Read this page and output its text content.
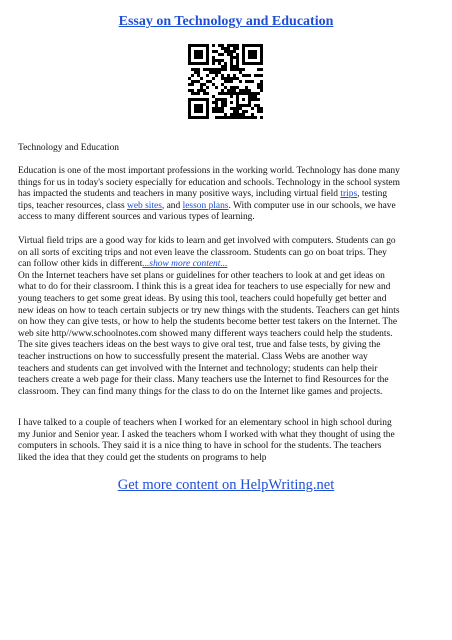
Essay on Technology and Education
Technology and Education
Education is one of the most important professions in the working world. Technology has done many
things for us in today's society especially for education and schools. Technology in the school system
has impacted the students and teachers in many positive ways, including virtual field trips, testing
tips, teacher resources, class web sites, and lesson plans. With computer use in our schools, we have
access to many different sources and various types of learning.
Virtual field trips are a good way for kids to learn and get involved with computers. Students can go
on all sorts of exciting trips and not even leave the classroom. Students can go on boat trips. They
can follow other kids in different...show more content...
On the Internet teachers have set plans or guidelines for other teachers to look at and get ideas on
what to do for their classroom. I think this is a great idea for teachers to use especially for new and
young teachers to get some great ideas. By using this tool, teachers could hopefully get better and
new ideas on how to teach certain subjects or try new things with the students. Teachers can get hints
on how they can give tests, or how to help the students become better test takers on the Internet. The
web site http//www.schoolnotes.com showed many different ways teachers could help the students.
The site gives teachers ideas on the best ways to give oral test, true and false tests, by giving the
teacher instructions on how to successfully present the material. Class Webs are another way
teachers and students can get involved with the Internet and technology; students can help their
teachers create a web page for their class. Many teachers use the Internet to find Resources for the
classroom. They can find many things for the class to do on the Internet like games and projects.
I have talked to a couple of teachers when I worked for an elementary school in high school during
my Junior and Senior year. I asked the teachers whom I worked with what they thought of using the
computers in schools. They said it is a nice thing to have in school for the students. The teachers
liked the idea that they could get the students on programs to help
Get more content on HelpWriting.net
